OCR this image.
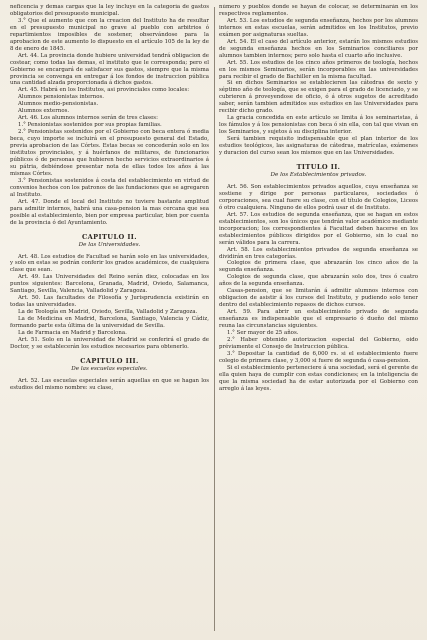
neficencia y demas cargas que la ley incluye en la categoría de gastos obligatorios del presupuesto municipal.

3.° Que el aumento que con la creacion del Instituto ha de resultar en el presupuesto municipal no grave al pueblo con arbitrios ó repartimientos imposibles de sostener, observándose para la aprobacion de este aumento lo dispuesto en el artículo 105 de la ley de 8 de enero de 1845.

Art. 44. La provincia donde hubiere universidad tendrá obligacion de costear, como todas las demas, el instituto que le corresponda; pero el Gobierno se encargará de satisfacer sus gastos, siempre que la misma provincia se convenga en entregar á los fondos de instruccion pública una cantidad alzada proporcionada á dichos gastos.

Art. 45. Habrá en los Institutos, asi provinciales como locales:

Alumnos pensionistas internos.

Alumnos medio-pensionistas.

Alumnos externos.

Art. 46. Los alumnos internos serán de tres clases:

1.° Pensionistas sostenidos por sus propias familias.

2.° Pensionistas sostenidos por el Gobierno con beca entera ó media beca, cuyo importe se incluirá en el presupuesto general del Estado, previa aprobacion de las Córtes. Estas becas se concederán solo en los institutos provinciales, y á huérfanos de militares, de funcionarios públicos ó de personas que hubieren hecho servicios extraordinarios á su pátria, debiéndose presentar nota de ellas todos los años á las mismas Córtes.

3.° Pensionistas sostenidos á costa del establecimiento en virtud de convenios hechos con los patronos de las fundaciones que se agregaren al Instituto.

Art. 47. Donde el local del Instituto no tuviere bastante amplitud para admitir internos, habrá una casa-pension la mas cercana que sea posible al establecimiento, bien por empresa particular, bien por cuenta de la provincia ó del Ayuntamiento.

CAPITULO II.
De las Universidades.

Art. 48. Los estudios de Facultad se harán solo en las universidades, y solo en estas se podrán conferir los grados académicos, de cualquiera clase que sean.

Art. 49. Las Universidades del Reino serán diez, colocadas en los puntos siguientes: Barcelona, Granada, Madrid, Oviedo, Salamanca, Santiago, Sevilla, Valencia, Valladolid y Zaragoza.

Art. 50. Las facultades de Filosofía y Jurisprudencia existirán en todas las universidades.

La de Teología en Madrid, Oviedo, Sevilla, Valladolid y Zaragoza.

La de Medicina en Madrid, Barcelona, Santiago, Valencia y Cádiz, formando parte esta última de la universidad de Sevilla.

La de Farmacia en Madrid y Barcelona.

Art. 51. Solo en la universidad de Madrid se conferirá el grado de Doctor, y se establecerán los estudios necesarios para obtenerlo.

CAPITULO III.
De las escuelas especiales.

Art. 52. Las escuelas especiales serán aquellas en que se hagan los estudios del mismo nombre: su clase,

número y pueblos donde se hayan de colocar, se determinarán en los respectivos reglamentos.

Art. 53. Los estudios de segunda enseñanza, hechos por los alumnos internos en estas escuelas, serán admitidos en los Institutos, previo exámen por asignaturas sueltas.

Art. 54. El el caso del artículo anterior, estarán los mismos estudios de segunda enseñanza hechos en los Seminarios conciliares por alumnos tambien internos; pero solo hasta el cuarto año inclusive.

Art. 55. Los estudios de los cinco años primeros de teología, hechos en los mismos Seminarios, serán incorporables en las universidades para recibir el grado de Bachiller en la misma facultad.

Si en dichos Seminarios se establecieren las cátedras de sexto y séptimo año de teología, que se exigen para el grado de licenciado, y se cubrieren á proveyendose de oficio, ó á otros sugetos de acreditado saber, serán tambien admitidos sus estudios en las Universidades para recibir dicho grado.

La gracia concedida en este artículo se limita á los seminaristas, á los fámulos y á los pensionistas con beca ó sin ella, con tal que vivan en los Seminarios, y sujetos á su disciplina interior.

Será tambien requisito indispensable que el plan interior de los estudios teológicos, las asignaturas de cátedras, matrículas, exámenes y duracion del curso sean los mismos que en las Universidades.

TITULO II.
De los Establecimientos privados.

Art. 56. Son establecimientos privados aquellos, cuya enseñanza se sostiene y dirige por personas particulares, sociedades ó corporaciones, sea cual fuere su clase, con el título de Colegios, Liceos ó otro cualquiera. Ninguno de ellos podrá usar el de Instituto.

Art. 57. Los estudios de segunda enseñanza, que se hagan en estos establecimientos, son los únicos que tendrán valor académico mediante incorporacion; los correspondientes á Facultad deben hacerse en los establecimientos públicos dirigidos por el Gobierno, sin lo cual no serán válidos para la carrera.

Art. 58. Los establecimientos privados de segunda enseñanza se dividirán en tres categorías.

Colegios de primera clase, que abrazarán los cinco años de la segunda enseñanza.

Colegios de segunda clase, que abrazarán solo dos, tres ó cuatro años de la segunda enseñanza.

Casas-pension, que se limitarán á admitir alumnos internos con obligacion de asistir á los cursos del Instituto, y pudiendo solo tener dentro del establecimiento repasos de dichos cursos.

Art. 59. Para abrir un establecimiento privado de segunda enseñanza es indispensable que el empresario ó dueño del mismo reuna las circunstancias siguientes.

1.° Ser mayor de 25 años.

2.° Haber obtenido autorizacion especial del Gobierno, oido préviamente el Consejo de Instruccion pública.

3.° Depositar la cantidad de 6,000 rs. si el establecimiento fuere colegio de primera clase, y 3,000 si fuere de segunda ó casa-pension.

Si el establecimiento perteneciere á una sociedad, será el gerente de ella quien haya de cumplir con estas condiciones; en la inteligencia de que la misma sociedad ha de estar autorizada por el Gobierno con arreglo á las leyes.
